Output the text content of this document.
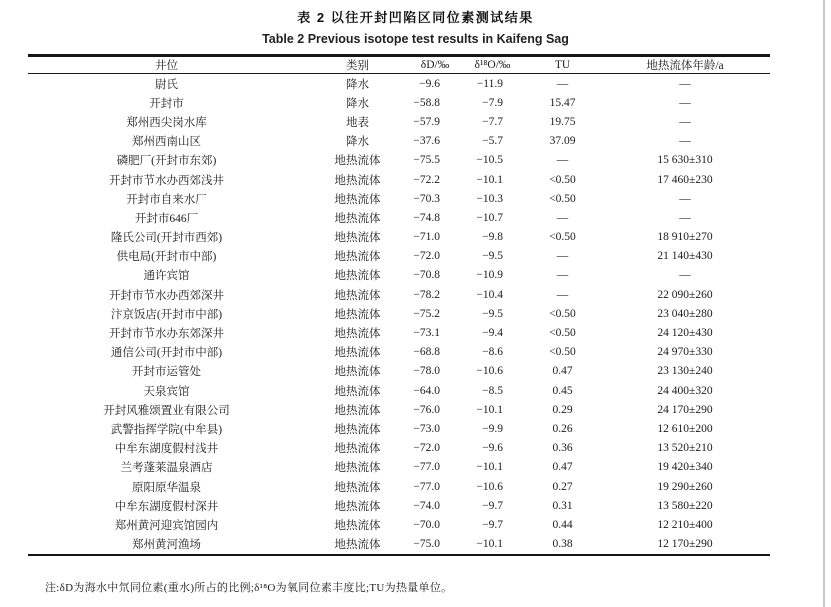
表 2 以往开封凹陷区同位素测试结果
Table 2 Previous isotope test results in Kaifeng Sag
井位	类别	δD/‰	δ¹⁸O/‰	TU	地热流体年龄/a
尉氏	降水	−9.6	−11.9	—	—
开封市	降水	−58.8	−7.9	15.47	—
郑州西尖岗水库	地表	−57.9	−7.7	19.75	—
郑州西南山区	降水	−37.6	−5.7	37.09	—
磷肥厂(开封市东郊)	地热流体	−75.5	−10.5	—	15 630±310
开封市节水办西郊浅井	地热流体	−72.2	−10.1	<0.50	17 460±230
开封市自来水厂	地热流体	−70.3	−10.3	<0.50	—
开封市646厂	地热流体	−74.8	−10.7	—	—
隆氏公司(开封市西郊)	地热流体	−71.0	−9.8	<0.50	18 910±270
供电局(开封市中部)	地热流体	−72.0	−9.5	—	21 140±430
通许宾馆	地热流体	−70.8	−10.9	—	—
开封市节水办西郊深井	地热流体	−78.2	−10.4	—	22 090±260
汴京饭店(开封市中部)	地热流体	−75.2	−9.5	<0.50	23 040±280
开封市节水办东郊深井	地热流体	−73.1	−9.4	<0.50	24 120±430
通信公司(开封市中部)	地热流体	−68.8	−8.6	<0.50	24 970±330
开封市运管处	地热流体	−78.0	−10.6	0.47	23 130±240
天泉宾馆	地热流体	−64.0	−8.5	0.45	24 400±320
开封风雅颂置业有限公司	地热流体	−76.0	−10.1	0.29	24 170±290
武警指挥学院(中牟县)	地热流体	−73.0	−9.9	0.26	12 610±200
中牟东湖度假村浅井	地热流体	−72.0	−9.6	0.36	13 520±210
兰考蓬莱温泉酒店	地热流体	−77.0	−10.1	0.47	19 420±340
原阳原华温泉	地热流体	−77.0	−10.6	0.27	19 290±260
中牟东湖度假村深井	地热流体	−74.0	−9.7	0.31	13 580±220
郑州黄河迎宾馆园内	地热流体	−70.0	−9.7	0.44	12 210±400
郑州黄河渔场	地热流体	−75.0	−10.1	0.38	12 170±290
注:δD为海水中氘同位素(重水)所占的比例;δ¹⁸O为氧同位素丰度比;TU为热量单位。
